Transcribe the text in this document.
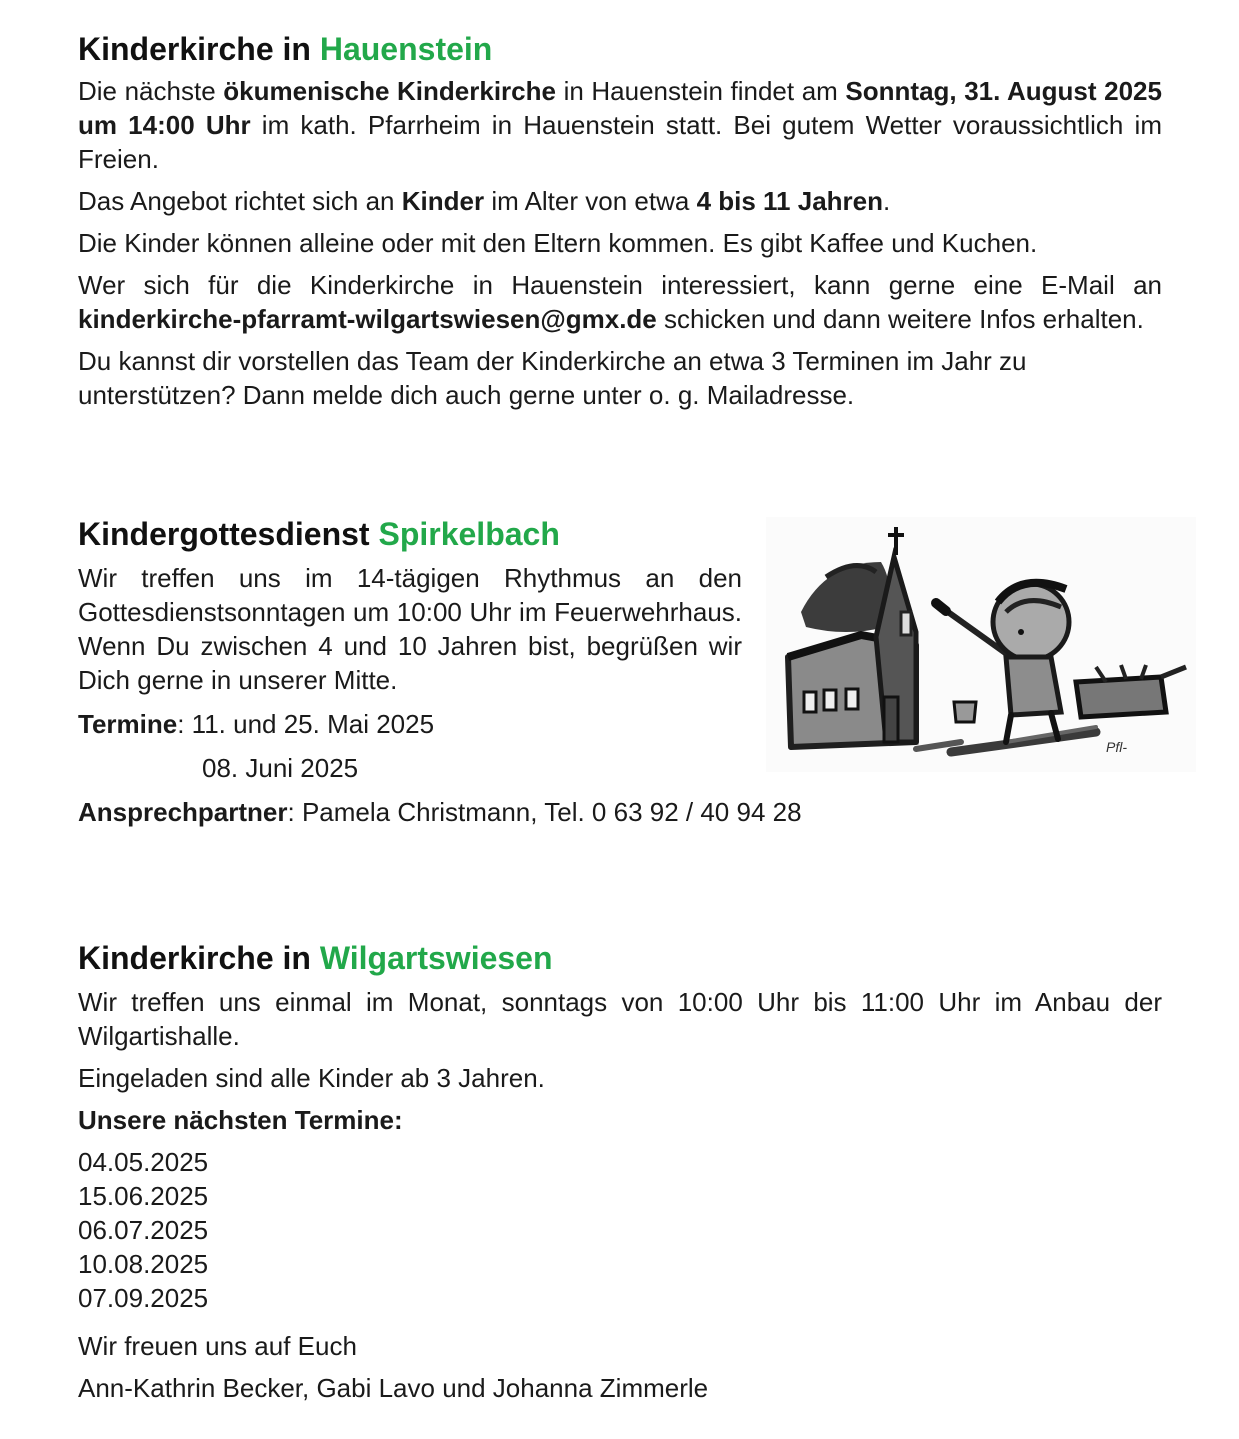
Kinderkirche in Hauenstein

Die nächste ökumenische Kinderkirche in Hauenstein findet am Sonntag, 31. August 2025 um 14:00 Uhr im kath. Pfarrheim in Hauenstein statt. Bei gutem Wetter voraussichtlich im Freien.

Das Angebot richtet sich an Kinder im Alter von etwa 4 bis 11 Jahren.

Die Kinder können alleine oder mit den Eltern kommen. Es gibt Kaffee und Kuchen.

Wer sich für die Kinderkirche in Hauenstein interessiert, kann gerne eine E-Mail an kinderkirche-pfarramt-wilgartswiesen@gmx.de schicken und dann weitere Infos erhalten.

Du kannst dir vorstellen das Team der Kinderkirche an etwa 3 Terminen im Jahr zu unterstützen? Dann melde dich auch gerne unter o. g. Mailadresse.

Kindergottesdienst Spirkelbach

Wir treffen uns im 14-tägigen Rhythmus an den Gottesdienstsonntagen um 10:00 Uhr im Feuerwehrhaus. Wenn Du zwischen 4 und 10 Jahren bist, begrüßen wir Dich gerne in unserer Mitte.

Termine: 11. und 25. Mai 2025

08. Juni 2025

Ansprechpartner: Pamela Christmann, Tel. 0 63 92 / 40 94 28

Pfl-
Kinderkirche in Wilgartswiesen

Wir treffen uns einmal im Monat, sonntags von 10:00 Uhr bis 11:00 Uhr im Anbau der Wilgartishalle.

Eingeladen sind alle Kinder ab 3 Jahren.

Unsere nächsten Termine:

04.05.2025
15.06.2025
06.07.2025
10.08.2025
07.09.2025

Wir freuen uns auf Euch

Ann-Kathrin Becker, Gabi Lavo und Johanna Zimmerle
